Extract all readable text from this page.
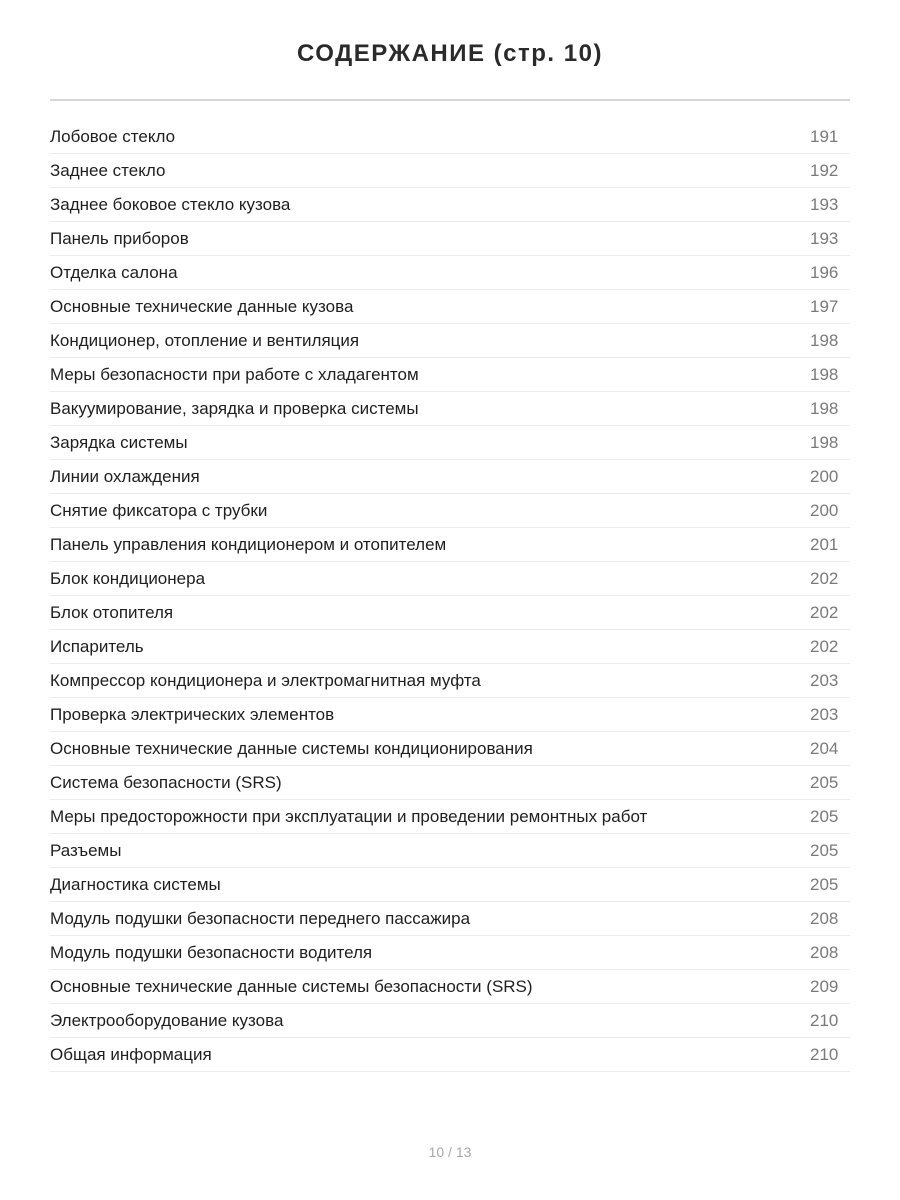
СОДЕРЖАНИЕ (стр. 10)
Лобовое стекло	191
Заднее стекло	192
Заднее боковое стекло кузова	193
Панель приборов	193
Отделка салона	196
Основные технические данные кузова	197
Кондиционер, отопление и вентиляция	198
Меры безопасности при работе с хладагентом	198
Вакуумирование, зарядка и проверка системы	198
Зарядка системы	198
Линии охлаждения	200
Снятие фиксатора с трубки	200
Панель управления кондиционером и отопителем	201
Блок кондиционера	202
Блок отопителя	202
Испаритель	202
Компрессор кондиционера и электромагнитная муфта	203
Проверка электрических элементов	203
Основные технические данные системы кондиционирования	204
Система безопасности (SRS)	205
Меры предосторожности при эксплуатации и проведении ремонтных работ	205
Разъемы	205
Диагностика системы	205
Модуль подушки безопасности переднего пассажира	208
Модуль подушки безопасности водителя	208
Основные технические данные системы безопасности (SRS)	209
Электрооборудование кузова	210
Общая информация	210
10 / 13
